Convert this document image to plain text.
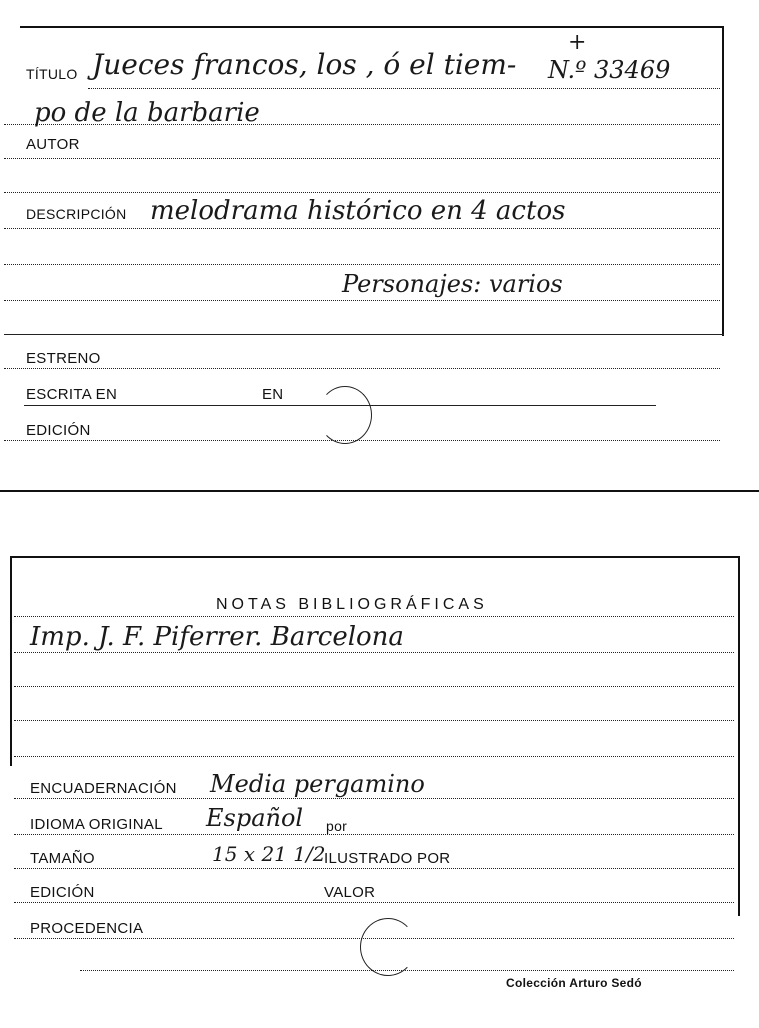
TÍTULO Jueces francos, los , ó el tiem- N.º 33469
+
po de la barbarie
AUTOR
DESCRIPCIÓN melodrama histórico en 4 actos
Personajes: varios
ESTRENO
ESCRITA EN	EN
EDICIÓN
NOTAS BIBLIOGRÁFICAS
Imp. J. F. Piferrer. Barcelona
ENCUADERNACIÓN Media pergamino
IDIOMA ORIGINAL Español por
TAMAÑO	15 x 21 1/2
ILUSTRADO POR
EDICIÓN	VALOR
PROCEDENCIA
Colección Arturo Sedó
